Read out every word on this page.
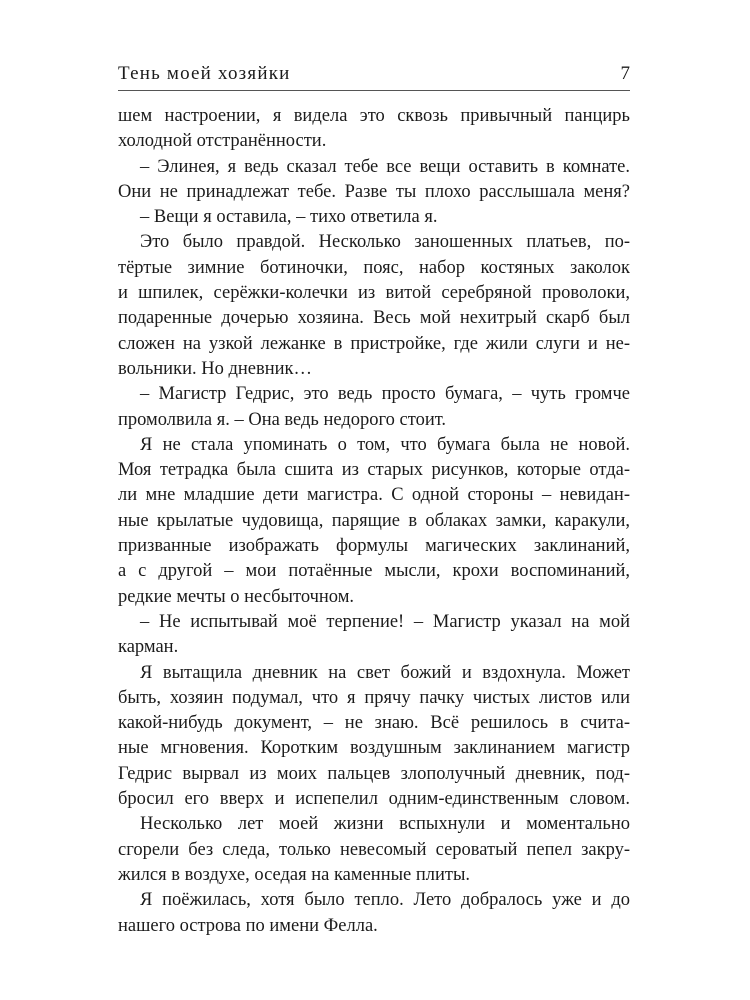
Тень моей хозяйки	7
шем настроении, я видела это сквозь привычный панцирь
холодной отстранённости.
– Элинея, я ведь сказал тебе все вещи оставить в комнате.
Они не принадлежат тебе. Разве ты плохо расслышала меня?
– Вещи я оставила, – тихо ответила я.
Это было правдой. Несколько заношенных платьев, по-
тёртые зимние ботиночки, пояс, набор костяных заколок
и шпилек, серёжки-колечки из витой серебряной проволоки,
подаренные дочерью хозяина. Весь мой нехитрый скарб был
сложен на узкой лежанке в пристройке, где жили слуги и не-
вольники. Но дневник…
– Магистр Гедрис, это ведь просто бумага, – чуть громче
промолвила я. – Она ведь недорого стоит.
Я не стала упоминать о том, что бумага была не новой.
Моя тетрадка была сшита из старых рисунков, которые отда-
ли мне младшие дети магистра. С одной стороны – невидан-
ные крылатые чудовища, парящие в облаках замки, каракули,
призванные изображать формулы магических заклинаний,
а с другой – мои потаённые мысли, крохи воспоминаний,
редкие мечты о несбыточном.
– Не испытывай моё терпение! – Магистр указал на мой
карман.
Я вытащила дневник на свет божий и вздохнула. Может
быть, хозяин подумал, что я прячу пачку чистых листов или
какой-нибудь документ, – не знаю. Всё решилось в счита-
ные мгновения. Коротким воздушным заклинанием магистр
Гедрис вырвал из моих пальцев злополучный дневник, под-
бросил его вверх и испепелил одним-единственным словом.
Несколько лет моей жизни вспыхнули и моментально
сгорели без следа, только невесомый сероватый пепел закру-
жился в воздухе, оседая на каменные плиты.
Я поёжилась, хотя было тепло. Лето добралось уже и до
нашего острова по имени Фелла.
